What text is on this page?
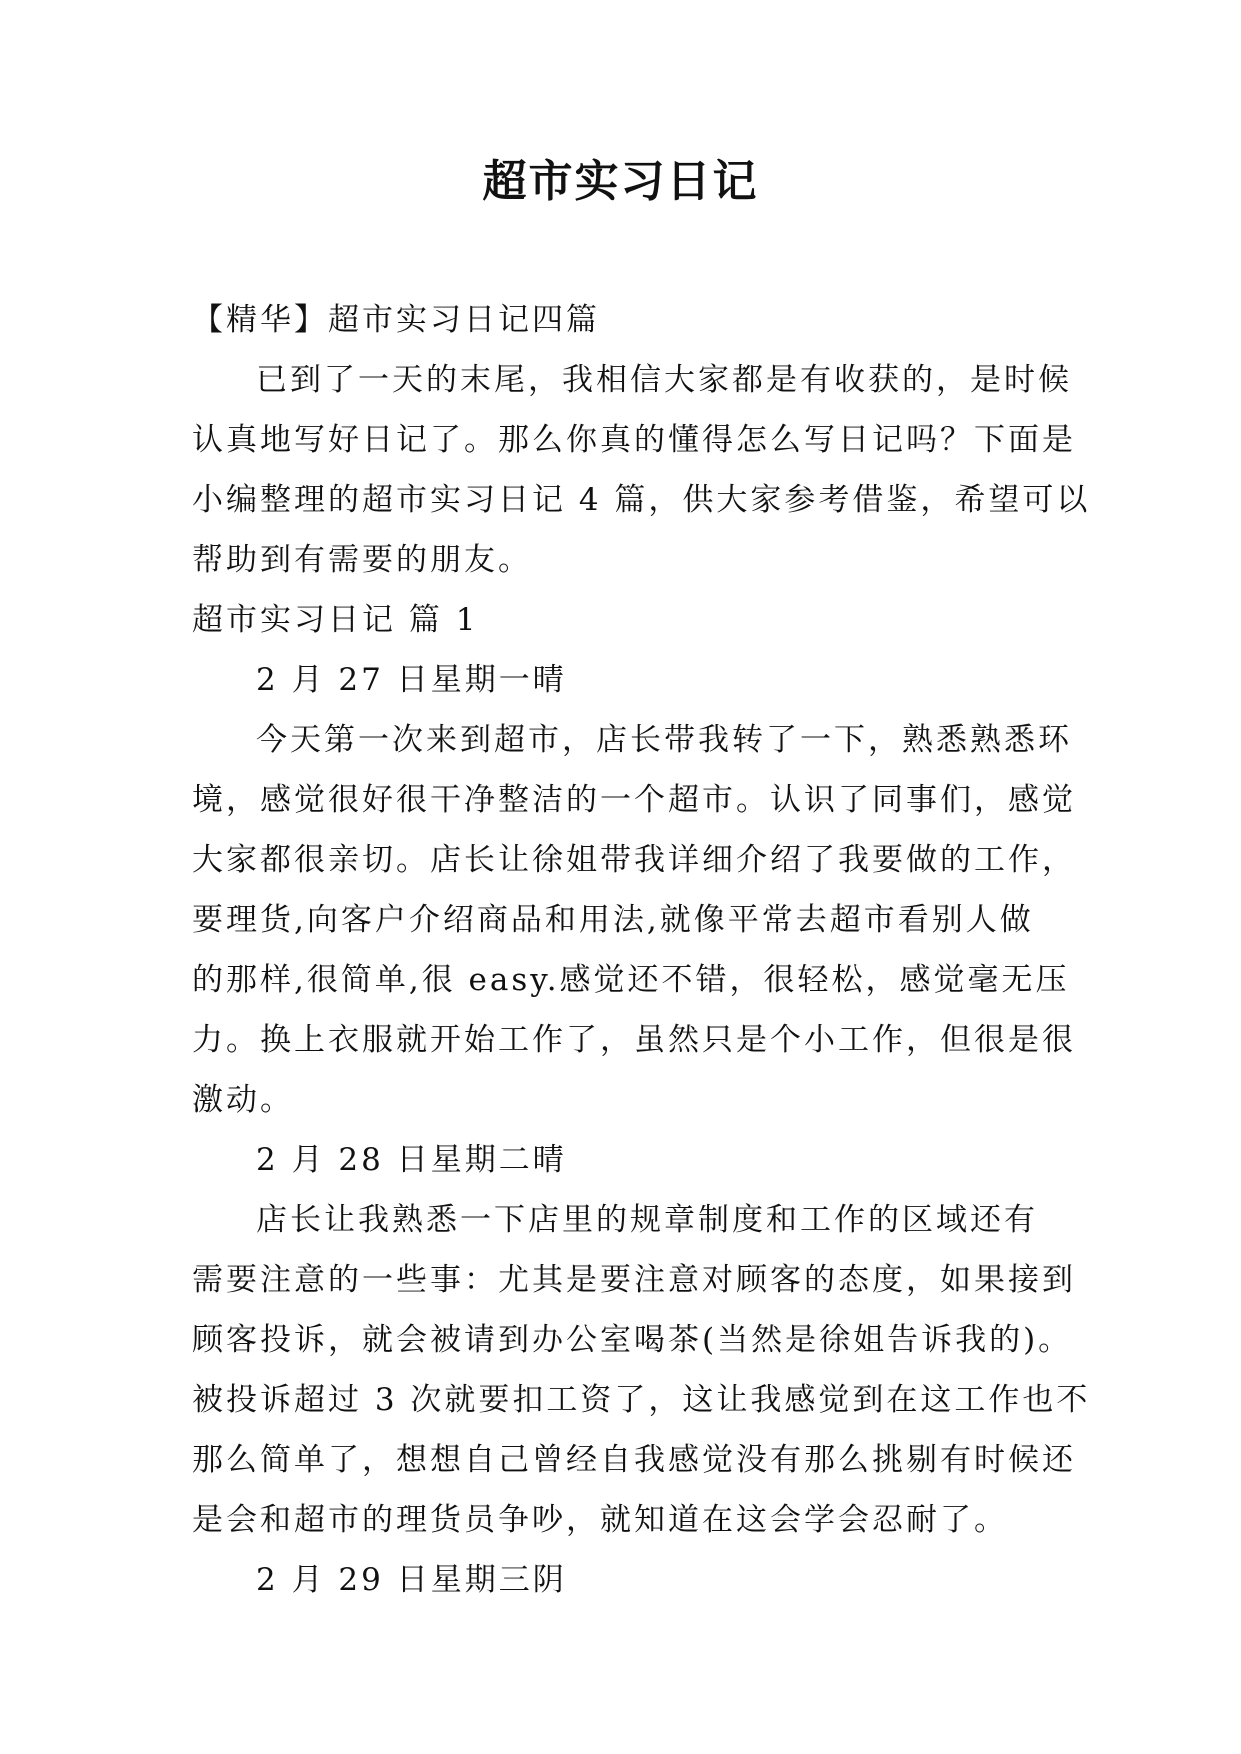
超市实习日记
【精华】超市实习日记四篇
已到了一天的末尾，我相信大家都是有收获的，是时候
认真地写好日记了。那么你真的懂得怎么写日记吗？下面是
小编整理的超市实习日记 4 篇，供大家参考借鉴，希望可以
帮助到有需要的朋友。
超市实习日记 篇 1
2 月 27 日星期一晴
今天第一次来到超市，店长带我转了一下，熟悉熟悉环
境，感觉很好很干净整洁的一个超市。认识了同事们，感觉
大家都很亲切。店长让徐姐带我详细介绍了我要做的工作，
要理货,向客户介绍商品和用法,就像平常去超市看别人做
的那样,很简单,很 easy.感觉还不错，很轻松，感觉毫无压
力。换上衣服就开始工作了，虽然只是个小工作，但很是很
激动。
2 月 28 日星期二晴
店长让我熟悉一下店里的规章制度和工作的区域还有
需要注意的一些事：尤其是要注意对顾客的态度，如果接到
顾客投诉，就会被请到办公室喝茶(当然是徐姐告诉我的)。
被投诉超过 3 次就要扣工资了，这让我感觉到在这工作也不
那么简单了，想想自己曾经自我感觉没有那么挑剔有时候还
是会和超市的理货员争吵，就知道在这会学会忍耐了。
2 月 29 日星期三阴
